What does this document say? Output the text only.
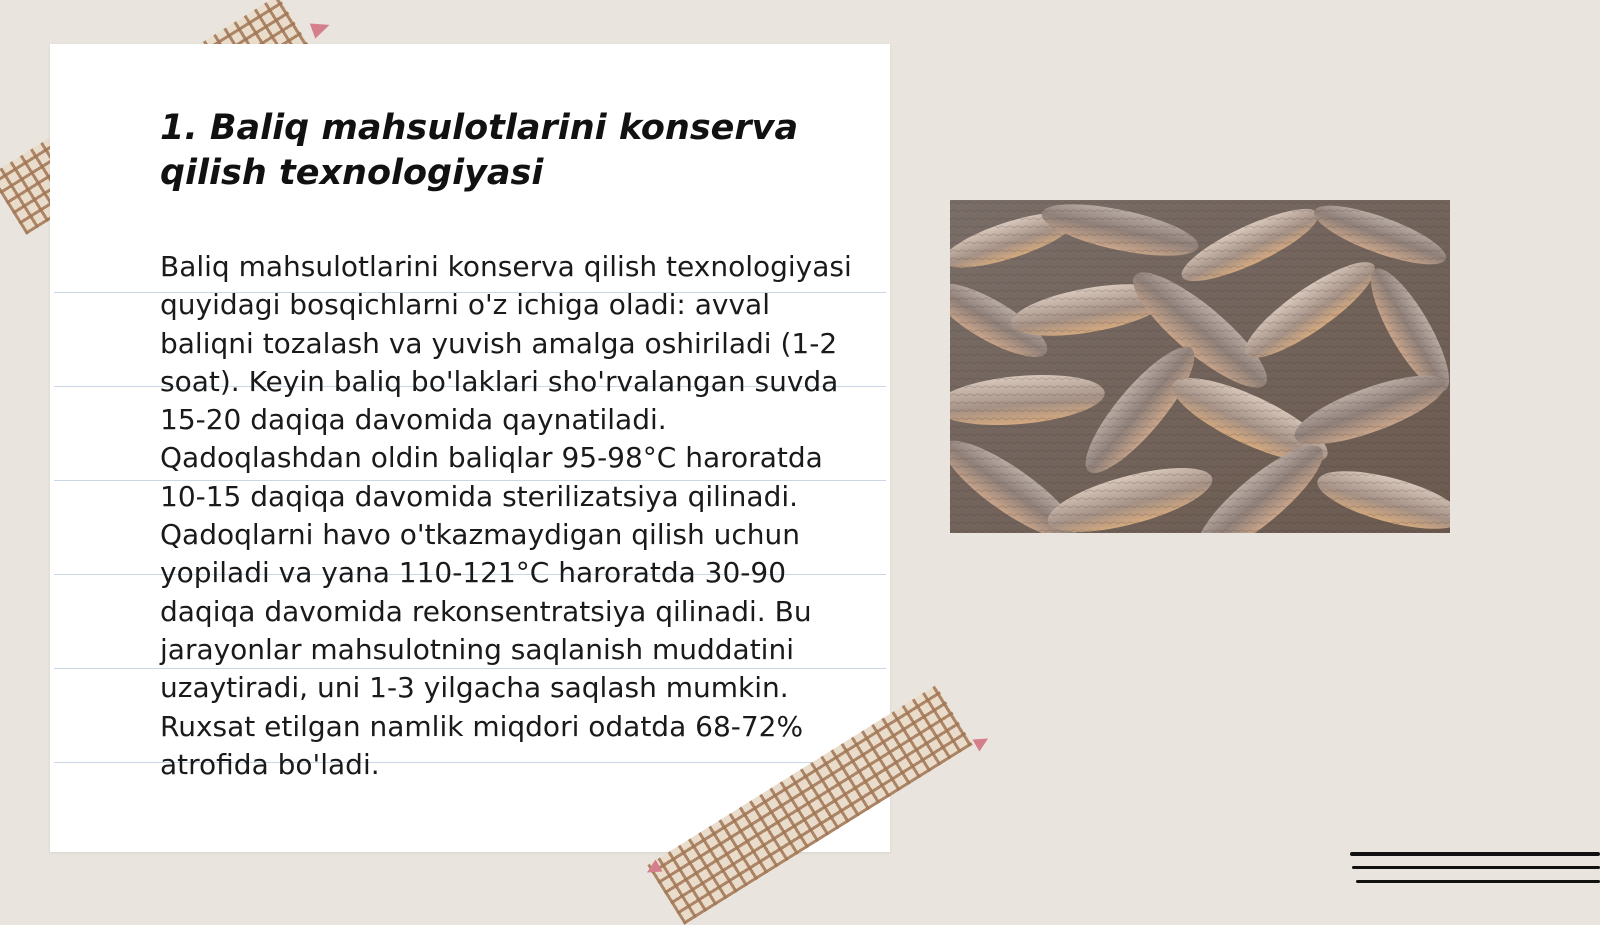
1. Baliq mahsulotlarini konserva qilish texnologiyasi

Baliq mahsulotlarini konserva qilish texnologiyasi quyidagi bosqichlarni o'z ichiga oladi: avval baliqni tozalash va yuvish amalga oshiriladi (1-2 soat). Keyin baliq bo'laklari sho'rvalangan suvda 15-20 daqiqa davomida qaynatiladi. Qadoqlashdan oldin baliqlar 95-98°C haroratda 10-15 daqiqa davomida sterilizatsiya qilinadi. Qadoqlarni havo o'tkazmaydigan qilish uchun yopiladi va yana 110-121°C haroratda 30-90 daqiqa davomida rekonsentratsiya qilinadi. Bu jarayonlar mahsulotning saqlanish muddatini uzaytiradi, uni 1-3 yilgacha saqlash mumkin. Ruxsat etilgan namlik miqdori odatda 68-72% atrofida bo'ladi.
